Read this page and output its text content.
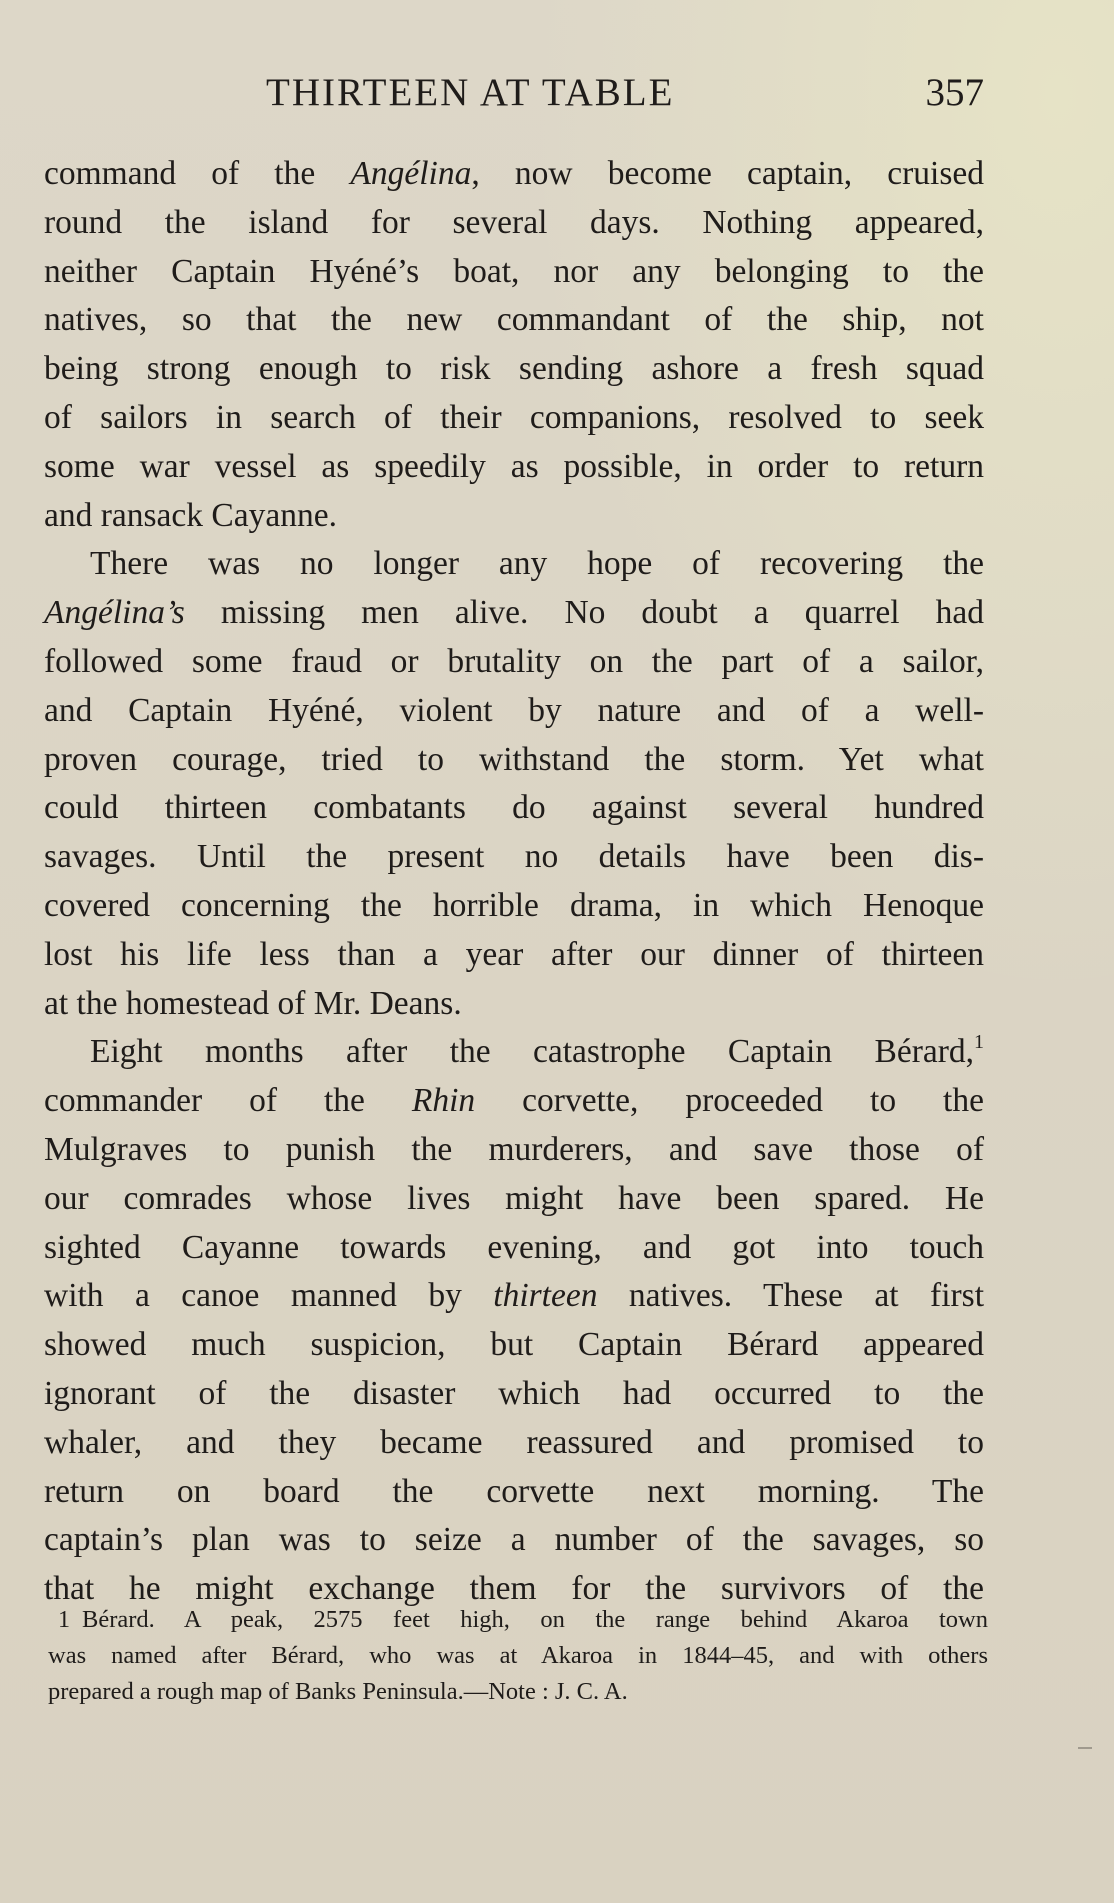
THIRTEEN AT TABLE	357
command of the Angélina, now become captain, cruised
round the island for several days. Nothing appeared,
neither Captain Hyéné’s boat, nor any belonging to the
natives, so that the new commandant of the ship, not
being strong enough to risk sending ashore a fresh squad
of sailors in search of their companions, resolved to seek
some war vessel as speedily as possible, in order to return
and ransack Cayanne.
There was no longer any hope of recovering the
Angélina’s missing men alive. No doubt a quarrel had
followed some fraud or brutality on the part of a sailor,
and Captain Hyéné, violent by nature and of a well-
proven courage, tried to withstand the storm. Yet what
could thirteen combatants do against several hundred
savages. Until the present no details have been dis-
covered concerning the horrible drama, in which Henoque
lost his life less than a year after our dinner of thirteen
at the homestead of Mr. Deans.
Eight months after the catastrophe Captain Bérard,$^1$
commander of the Rhin corvette, proceeded to the
Mulgraves to punish the murderers, and save those of
our comrades whose lives might have been spared. He
sighted Cayanne towards evening, and got into touch
with a canoe manned by thirteen natives. These at first
showed much suspicion, but Captain Bérard appeared
ignorant of the disaster which had occurred to the
whaler, and they became reassured and promised to
return on board the corvette next morning. The
captain’s plan was to seize a number of the savages, so
that he might exchange them for the survivors of the
1 Bérard. A peak, 2575 feet high, on the range behind Akaroa town
was named after Bérard, who was at Akaroa in 1844–45, and with others
prepared a rough map of Banks Peninsula.—Note : J. C. A.
